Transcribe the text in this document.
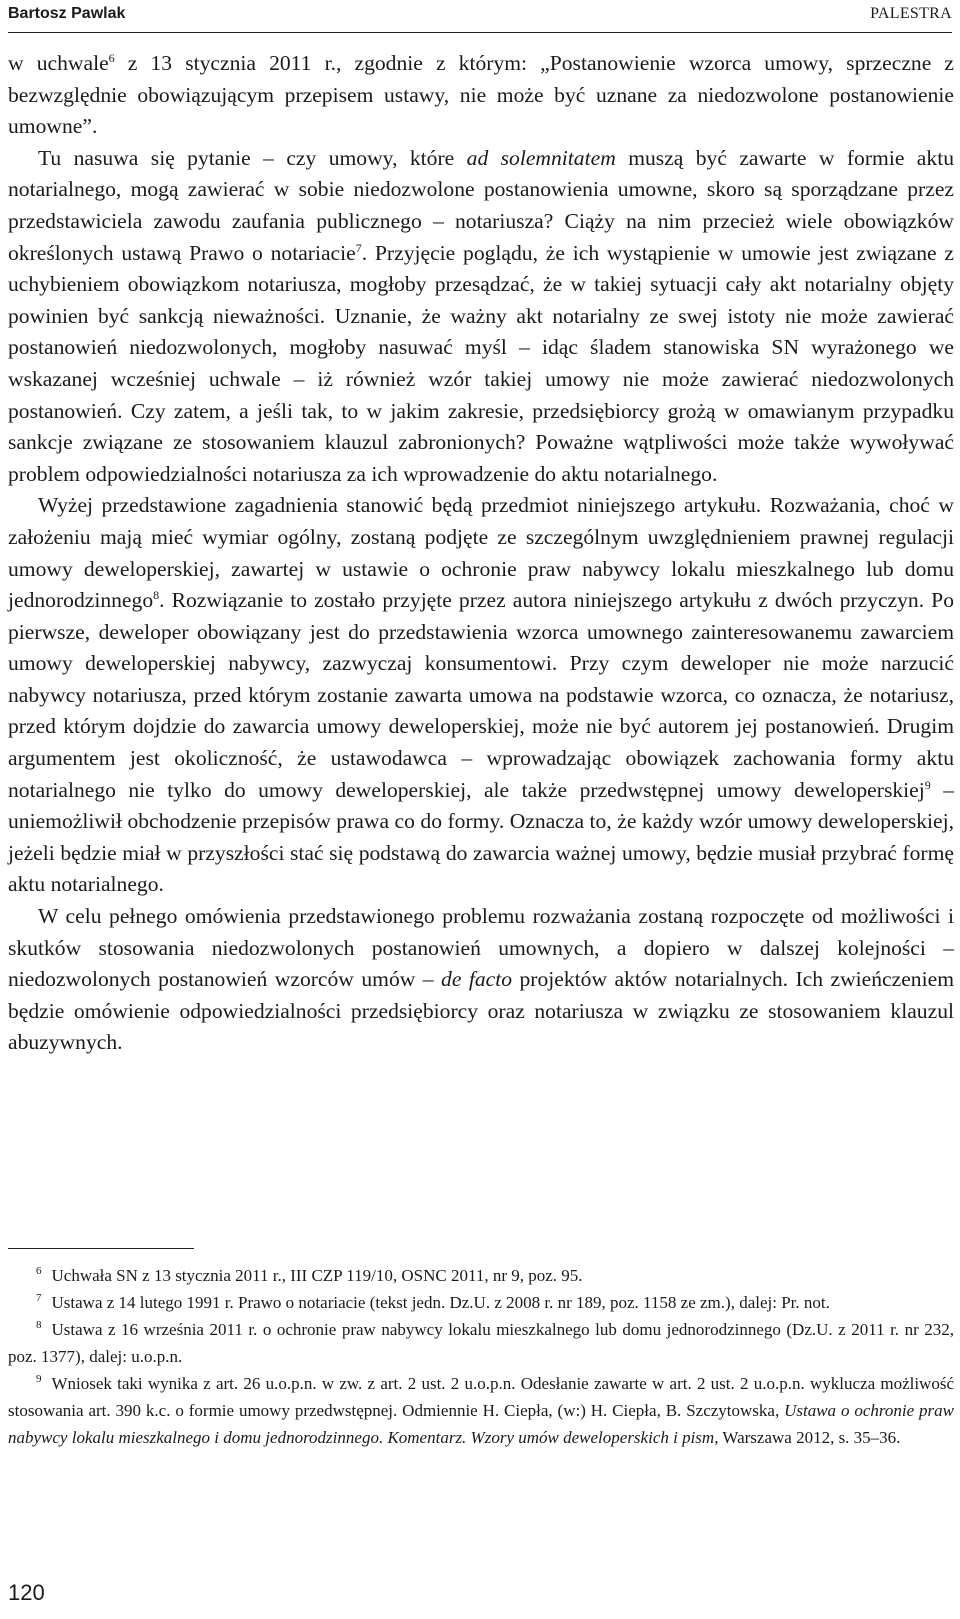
Bartosz Pawlak	PALESTRA

w uchwale$^6$ z 13 stycznia 2011 r., zgodnie z którym: „Postanowienie wzorca umowy, sprzeczne z bezwzględnie obowiązującym przepisem ustawy, nie może być uznane za niedozwolone postanowienie umowne”.

Tu nasuwa się pytanie – czy umowy, które ad solemnitatem muszą być zawarte w formie aktu notarialnego, mogą zawierać w sobie niedozwolone postanowienia umowne, skoro są sporządzane przez przedstawiciela zawodu zaufania publicznego – notariusza? Ciąży na nim przecież wiele obowiązków określonych ustawą Prawo o notariacie$^7$. Przyjęcie poglądu, że ich wystąpienie w umowie jest związane z uchybieniem obowiązkom notariusza, mogłoby przesądzać, że w takiej sytuacji cały akt notarialny objęty powinien być sankcją nieważności. Uznanie, że ważny akt notarialny ze swej istoty nie może zawierać postanowień niedozwolonych, mogłoby nasuwać myśl – idąc śladem stanowiska SN wyrażonego we wskazanej wcześniej uchwale – iż również wzór takiej umowy nie może zawierać niedozwolonych postanowień. Czy zatem, a jeśli tak, to w jakim zakresie, przedsiębiorcy grożą w omawianym przypadku sankcje związane ze stosowaniem klauzul zabronionych? Poważne wątpliwości może także wywoływać problem odpowiedzialności notariusza za ich wprowadzenie do aktu notarialnego.

Wyżej przedstawione zagadnienia stanowić będą przedmiot niniejszego artykułu. Rozważania, choć w założeniu mają mieć wymiar ogólny, zostaną podjęte ze szczególnym uwzględnieniem prawnej regulacji umowy deweloperskiej, zawartej w ustawie o ochronie praw nabywcy lokalu mieszkalnego lub domu jednorodzinnego$^8$. Rozwiązanie to zostało przyjęte przez autora niniejszego artykułu z dwóch przyczyn. Po pierwsze, deweloper obowiązany jest do przedstawienia wzorca umownego zainteresowanemu zawarciem umowy deweloperskiej nabywcy, zazwyczaj konsumentowi. Przy czym deweloper nie może narzucić nabywcy notariusza, przed którym zostanie zawarta umowa na podstawie wzorca, co oznacza, że notariusz, przed którym dojdzie do zawarcia umowy deweloperskiej, może nie być autorem jej postanowień. Drugim argumentem jest okoliczność, że ustawodawca – wprowadzając obowiązek zachowania formy aktu notarialnego nie tylko do umowy deweloperskiej, ale także przedwstępnej umowy deweloperskiej$^9$ – uniemożliwił obchodzenie przepisów prawa co do formy. Oznacza to, że każdy wzór umowy deweloperskiej, jeżeli będzie miał w przyszłości stać się podstawą do zawarcia ważnej umowy, będzie musiał przybrać formę aktu notarialnego.

W celu pełnego omówienia przedstawionego problemu rozważania zostaną rozpoczęte od możliwości i skutków stosowania niedozwolonych postanowień umownych, a dopiero w dalszej kolejności – niedozwolonych postanowień wzorców umów – de facto projektów aktów notarialnych. Ich zwieńczeniem będzie omówienie odpowiedzialności przedsiębiorcy oraz notariusza w związku ze stosowaniem klauzul abuzywnych.

$^6$ Uchwała SN z 13 stycznia 2011 r., III CZP 119/10, OSNC 2011, nr 9, poz. 95.

$^7$ Ustawa z 14 lutego 1991 r. Prawo o notariacie (tekst jedn. Dz.U. z 2008 r. nr 189, poz. 1158 ze zm.), dalej: Pr. not.

$^8$ Ustawa z 16 września 2011 r. o ochronie praw nabywcy lokalu mieszkalnego lub domu jednorodzinnego (Dz.U. z 2011 r. nr 232, poz. 1377), dalej: u.o.p.n.

$^9$ Wniosek taki wynika z art. 26 u.o.p.n. w zw. z art. 2 ust. 2 u.o.p.n. Odesłanie zawarte w art. 2 ust. 2 u.o.p.n. wyklucza możliwość stosowania art. 390 k.c. o formie umowy przedwstępnej. Odmiennie H. Ciepła, (w:) H. Ciepła, B. Szczytowska, Ustawa o ochronie praw nabywcy lokalu mieszkalnego i domu jednorodzinnego. Komentarz. Wzory umów deweloperskich i pism, Warszawa 2012, s. 35–36.

120
